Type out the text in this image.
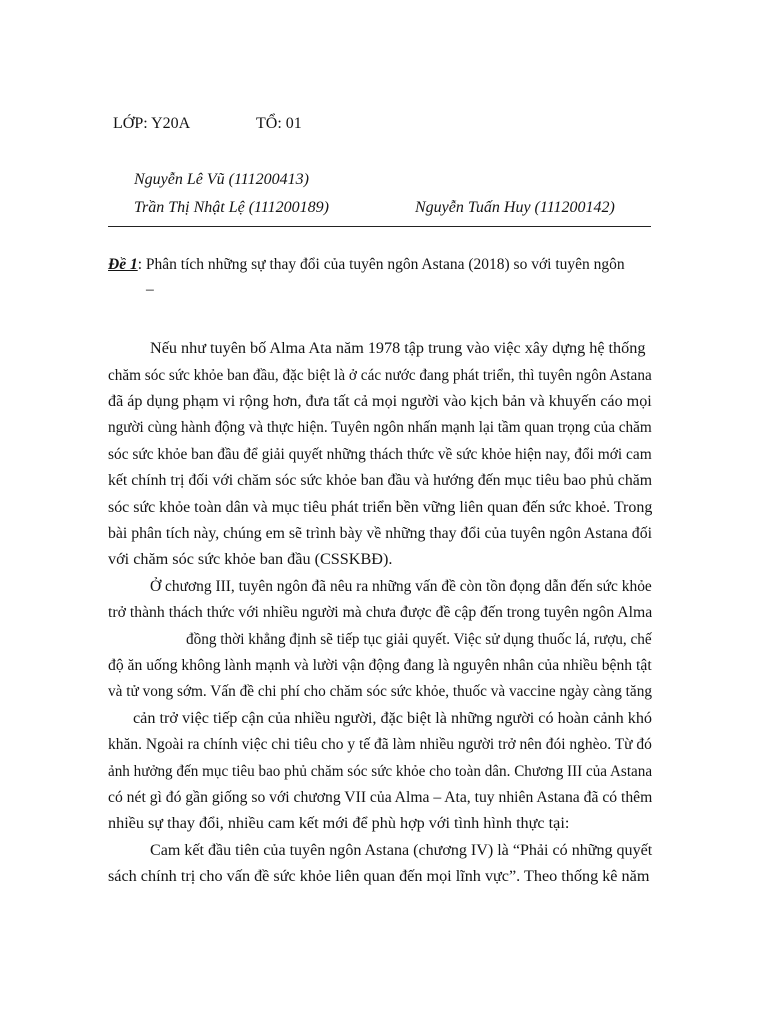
LỚP: Y20A	TỔ: 01
Nguyễn Lê Vũ (111200413)
Trần Thị Nhật Lệ (111200189)	Nguyễn Tuấn Huy (111200142)
Đề 1: Phân tích những sự thay đổi của tuyên ngôn Astana (2018) so với tuyên ngôn
–
Nếu như tuyên bố Alma Ata năm 1978 tập trung vào việc xây dựng hệ thống
chăm sóc sức khỏe ban đầu, đặc biệt là ở các nước đang phát triển, thì tuyên ngôn Astana
đã áp dụng phạm vi rộng hơn, đưa tất cả mọi người vào kịch bản và khuyến cáo mọi
người cùng hành động và thực hiện. Tuyên ngôn nhấn mạnh lại tầm quan trọng của chăm
sóc sức khỏe ban đầu để giải quyết những thách thức về sức khỏe hiện nay, đổi mới cam
kết chính trị đối với chăm sóc sức khỏe ban đầu và hướng đến mục tiêu bao phủ chăm
sóc sức khỏe toàn dân và mục tiêu phát triển bền vững liên quan đến sức khoẻ. Trong
bài phân tích này, chúng em sẽ trình bày về những thay đổi của tuyên ngôn Astana đối
với chăm sóc sức khỏe ban đầu (CSSKBĐ).
Ở chương III, tuyên ngôn đã nêu ra những vấn đề còn tồn đọng dẫn đến sức khỏe
trở thành thách thức với nhiều người mà chưa được đề cập đến trong tuyên ngôn Alma
đồng thời khẳng định sẽ tiếp tục giải quyết. Việc sử dụng thuốc lá, rượu, chế
độ ăn uống không lành mạnh và lười vận động đang là nguyên nhân của nhiều bệnh tật
và tử vong sớm. Vấn đề chi phí cho chăm sóc sức khỏe, thuốc và vaccine ngày càng tăng
cản trở việc tiếp cận của nhiều người, đặc biệt là những người có hoàn cảnh khó
khăn. Ngoài ra chính việc chi tiêu cho y tế đã làm nhiều người trở nên đói nghèo. Từ đó
ảnh hưởng đến mục tiêu bao phủ chăm sóc sức khỏe cho toàn dân. Chương III của Astana
có nét gì đó gần giống so với chương VII của Alma – Ata, tuy nhiên Astana đã có thêm
nhiều sự thay đổi, nhiều cam kết mới để phù hợp với tình hình thực tại:
Cam kết đầu tiên của tuyên ngôn Astana (chương IV) là “Phải có những quyết
sách chính trị cho vấn đề sức khỏe liên quan đến mọi lĩnh vực”. Theo thống kê năm
